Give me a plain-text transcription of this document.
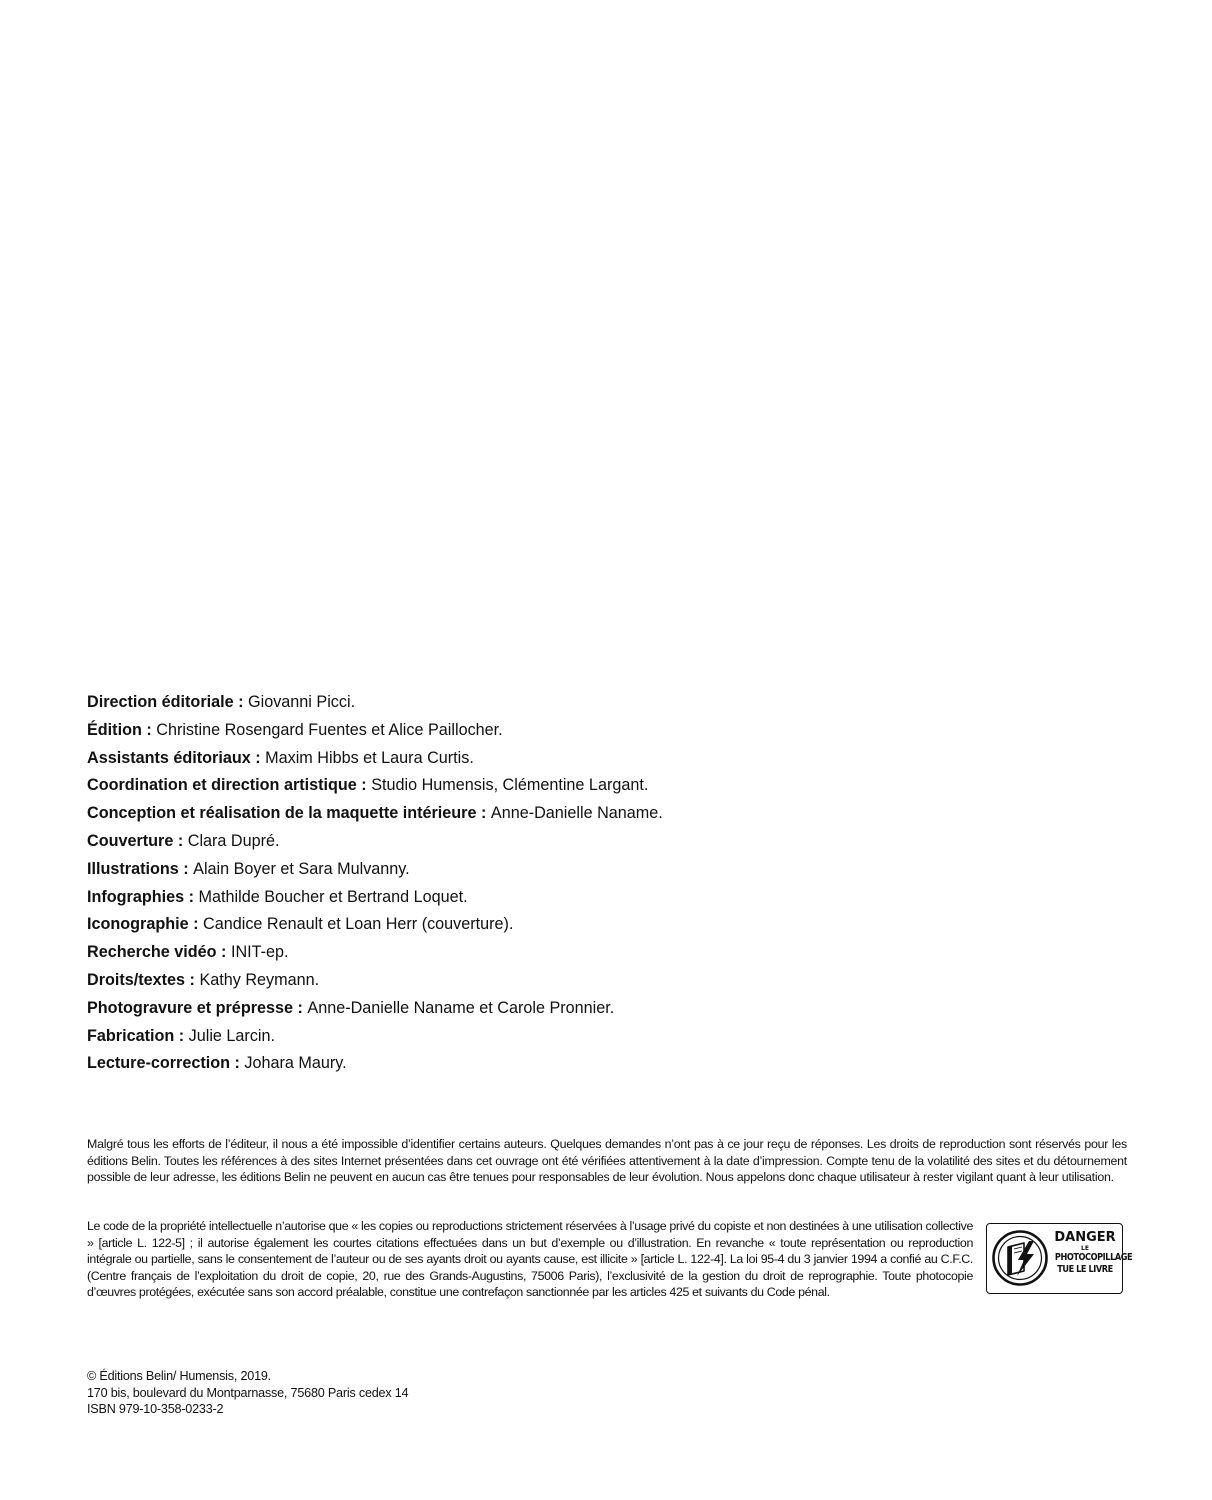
Direction éditoriale : Giovanni Picci.
Édition : Christine Rosengard Fuentes et Alice Paillocher.
Assistants éditoriaux : Maxim Hibbs et Laura Curtis.
Coordination et direction artistique : Studio Humensis, Clémentine Largant.
Conception et réalisation de la maquette intérieure : Anne-Danielle Naname.
Couverture : Clara Dupré.
Illustrations : Alain Boyer et Sara Mulvanny.
Infographies : Mathilde Boucher et Bertrand Loquet.
Iconographie : Candice Renault et Loan Herr (couverture).
Recherche vidéo : INIT-ep.
Droits/textes : Kathy Reymann.
Photogravure et prépresse : Anne-Danielle Naname et Carole Pronnier.
Fabrication : Julie Larcin.
Lecture-correction : Johara Maury.

Malgré tous les efforts de l’éditeur, il nous a été impossible d’identifier certains auteurs. Quelques demandes n’ont pas à ce jour reçu de réponses. Les droits de reproduction sont réservés pour les éditions Belin. Toutes les références à des sites Internet présentées dans cet ouvrage ont été vérifiées attentivement à la date d’impression. Compte tenu de la volatilité des sites et du détournement possible de leur adresse, les éditions Belin ne peuvent en aucun cas être tenues pour responsables de leur évolution. Nous appelons donc chaque utilisateur à rester vigilant quant à leur utilisation.

Le code de la propriété intellectuelle n’autorise que « les copies ou reproductions strictement réservées à l’usage privé du copiste et non destinées à une utilisation collective » [article L. 122-5] ; il autorise également les courtes citations effectuées dans un but d’exemple ou d’illustration. En revanche « toute représentation ou reproduction intégrale ou partielle, sans le consentement de l’auteur ou de ses ayants droit ou ayants cause, est illicite » [article L. 122-4]. La loi 95-4 du 3 janvier 1994 a confié au C.F.C. (Centre français de l’exploitation du droit de copie, 20, rue des Grands-Augustins, 75006 Paris), l’exclusivité de la gestion du droit de reprographie. Toute photocopie d’œuvres protégées, exécutée sans son accord préalable, constitue une contrefaçon sanctionnée par les articles 425 et suivants du Code pénal.

DANGER
LE
PHOTOCOPILLAGE
TUE LE LIVRE
© Éditions Belin/ Humensis, 2019.
170 bis, boulevard du Montparnasse, 75680 Paris cedex 14
ISBN 979-10-358-0233-2
